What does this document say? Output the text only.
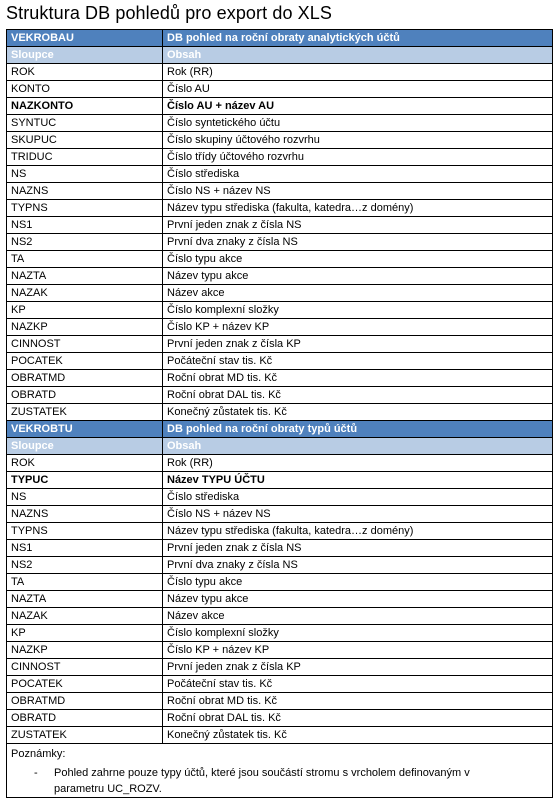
Struktura DB pohledů pro export do XLS
VEKROBAU	DB pohled na roční obraty analytických účtů
Sloupce	Obsah
ROK	Rok (RR)
KONTO	Číslo AU
NAZKONTO	Číslo AU + název AU
SYNTUC	Číslo syntetického účtu
SKUPUC	Číslo skupiny účtového rozvrhu
TRIDUC	Číslo třídy účtového rozvrhu
NS	Číslo střediska
NAZNS	Číslo NS + název NS
TYPNS	Název typu střediska (fakulta, katedra…z domény)
NS1	První jeden znak z čísla NS
NS2	První dva znaky z čísla NS
TA	Číslo typu akce
NAZTA	Název typu akce
NAZAK	Název akce
KP	Číslo komplexní složky
NAZKP	Číslo KP + název KP
CINNOST	První jeden znak z čísla KP
POCATEK	Počáteční stav tis. Kč
OBRATMD	Roční obrat MD tis. Kč
OBRATD	Roční obrat DAL tis. Kč
ZUSTATEK	Konečný zůstatek tis. Kč
VEKROBTU	DB pohled na roční obraty typů účtů
Sloupce	Obsah
ROK	Rok (RR)
TYPUC	Název TYPU ÚČTU
NS	Číslo střediska
NAZNS	Číslo NS + název NS
TYPNS	Název typu střediska (fakulta, katedra…z domény)
NS1	První jeden znak z čísla NS
NS2	První dva znaky z čísla NS
TA	Číslo typu akce
NAZTA	Název typu akce
NAZAK	Název akce
KP	Číslo komplexní složky
NAZKP	Číslo KP + název KP
CINNOST	První jeden znak z čísla KP
POCATEK	Počáteční stav tis. Kč
OBRATMD	Roční obrat MD tis. Kč
OBRATD	Roční obrat DAL tis. Kč
ZUSTATEK	Konečný zůstatek tis. Kč

Poznámky:
- Pohled zahrne pouze typy účtů, které jsou součástí stromu s vrcholem definovaným v parametru UC_ROZV.	
